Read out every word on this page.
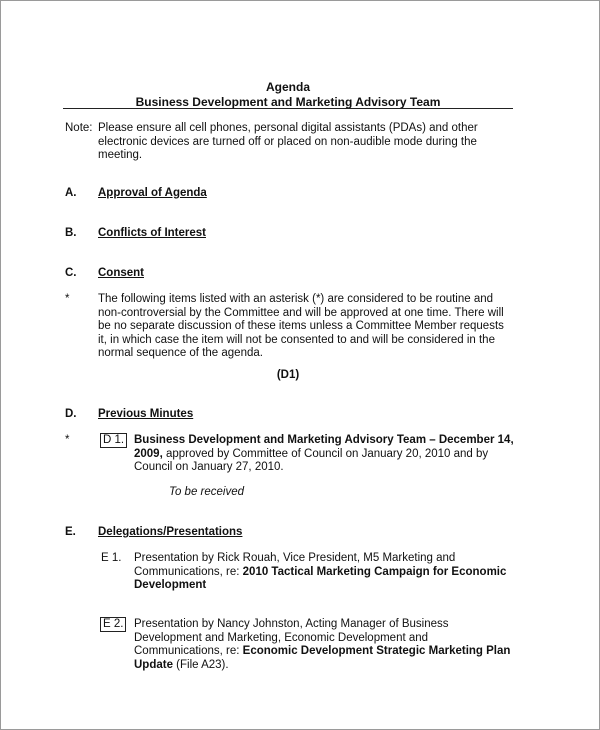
Agenda
Business Development and Marketing Advisory Team
Note: Please ensure all cell phones, personal digital assistants (PDAs) and other electronic devices are turned off or placed on non-audible mode during the meeting.
A. Approval of Agenda
B. Conflicts of Interest
C. Consent
* The following items listed with an asterisk (*) are considered to be routine and non-controversial by the Committee and will be approved at one time. There will be no separate discussion of these items unless a Committee Member requests it, in which case the item will not be consented to and will be considered in the normal sequence of the agenda.
(D1)
D. Previous Minutes
*	D 1. Business Development and Marketing Advisory Team – December 14, 2009, approved by Committee of Council on January 20, 2010 and by Council on January 27, 2010.
To be received
E. Delegations/Presentations
E 1. Presentation by Rick Rouah, Vice President, M5 Marketing and Communications, re: 2010 Tactical Marketing Campaign for Economic Development
E 2. Presentation by Nancy Johnston, Acting Manager of Business Development and Marketing, Economic Development and Communications, re: Economic Development Strategic Marketing Plan Update (File A23).
